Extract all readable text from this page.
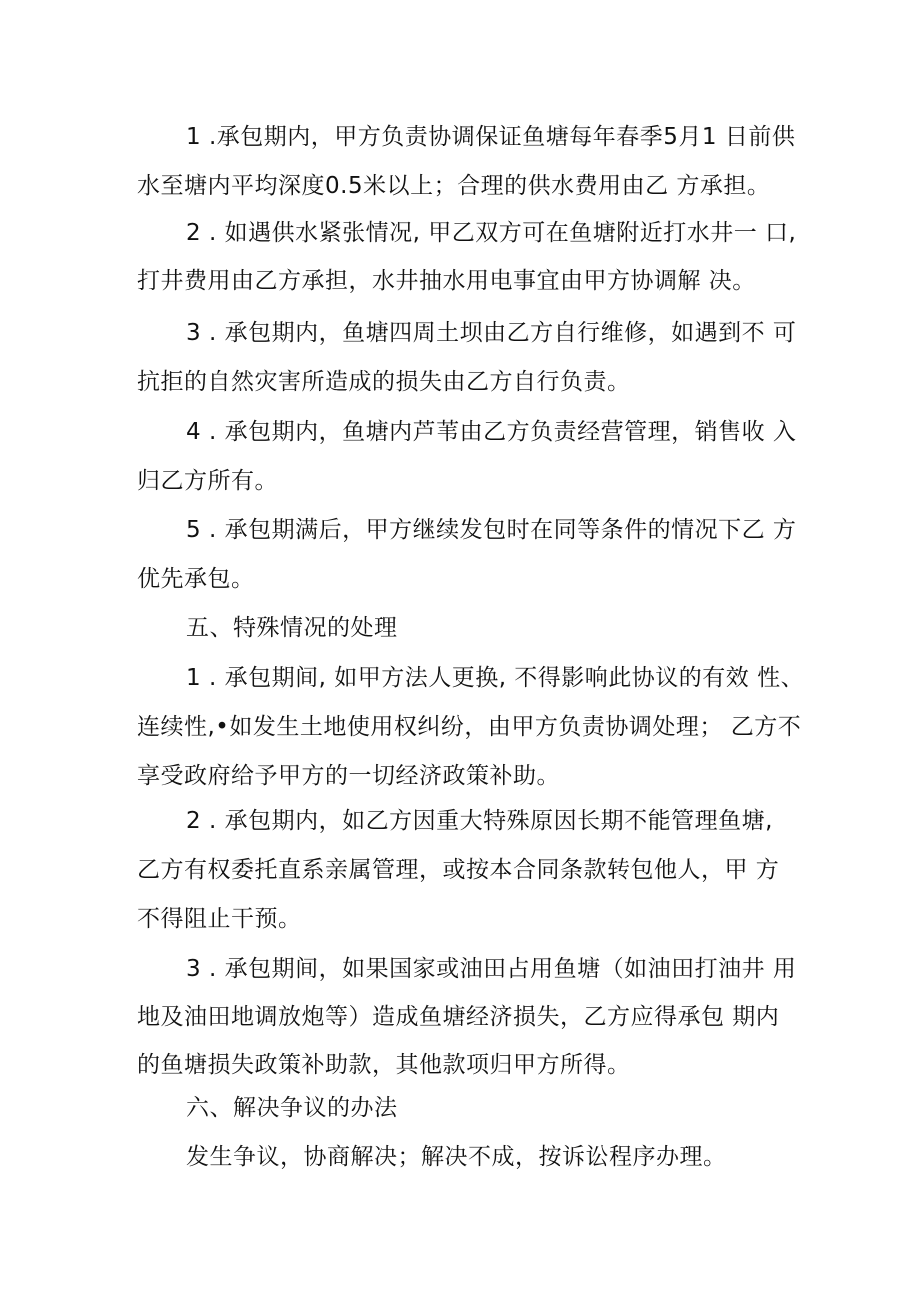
1 .承包期内，甲方负责协调保证鱼塘每年春季5月1 日前供
水至塘内平均深度0.5米以上；合理的供水费用由乙 方承担。
2 . 如遇供水紧张情况, 甲乙双方可在鱼塘附近打水井一 口,
打井费用由乙方承担，水井抽水用电事宜由甲方协调解 决。
3 . 承包期内，鱼塘四周土坝由乙方自行维修，如遇到不 可
抗拒的自然灾害所造成的损失由乙方自行负责。
4 . 承包期内，鱼塘内芦苇由乙方负责经营管理，销售收 入
归乙方所有。
5 . 承包期满后，甲方继续发包时在同等条件的情况下乙 方
优先承包。
五、特殊情况的处理
1 . 承包期间, 如甲方法人更换, 不得影响此协议的有效 性、
连续性,•如发生土地使用权纠纷，由甲方负责协调处理； 乙方不
享受政府给予甲方的一切经济政策补助。
2 . 承包期内，如乙方因重大特殊原因长期不能管理鱼塘,
乙方有权委托直系亲属管理，或按本合同条款转包他人，甲 方
不得阻止干预。
3 . 承包期间，如果国家或油田占用鱼塘（如油田打油井 用
地及油田地调放炮等）造成鱼塘经济损失，乙方应得承包 期内
的鱼塘损失政策补助款，其他款项归甲方所得。
六、解决争议的办法
发生争议，协商解决；解决不成，按诉讼程序办理。
